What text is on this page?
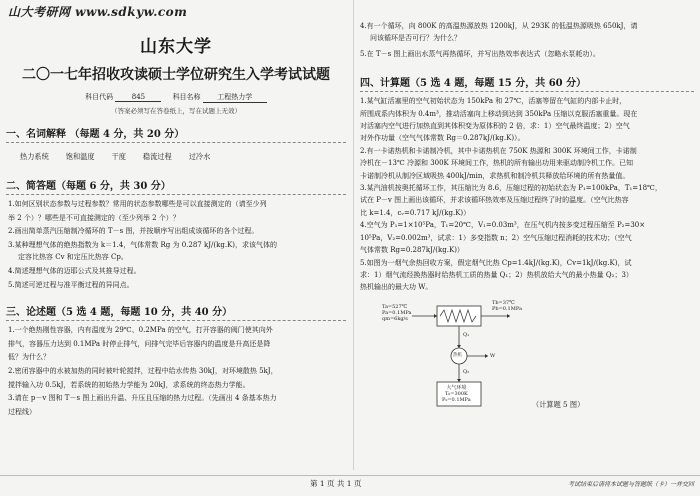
山大考研网 www.sdkyw.com
山东大学
二〇一七年招收攻读硕士学位研究生入学考试试题
科目代码	845	科目名称 工程热力学
（答案必须写在答卷纸上，写在试题上无效）
一、名词解释 （每题 4 分，共 20 分）
热力系统 饱和温度 干度 稳流过程 过冷水
二、简答题（每题 6 分，共 30 分）
1.如何区别状态参数与过程参数？常用的状态参数哪些是可以直接测定的（请至少列
举 2 个）？哪些是不可直接测定的（至少列举 2 个）？
2.画出简单蒸汽压缩制冷循环的 T－s 图，并按顺序写出组成该循环的各个过程。
3.某种理想气体的绝热指数为 k＝1.4，气体常数 Rg 为 0.287 kJ/(kg.K)，求该气体的
定容比热容 Cv 和定压比热容 Cp。
4.简述理想气体的迈耶公式及其推导过程。
5.简述可逆过程与准平衡过程的异同点。
三、论述题（5 选 4 题，每题 10 分，共 40 分）
1.一个绝热刚性容器，内有温度为 29℃、0.2MPa 的空气，打开容器的阀门使其向外
排气，容器压力达到 0.1MPa 时停止排气，问排气完毕后容器内的温度是升高还是降
低？为什么？
2.密闭容器中的水被加热的同时被叶轮搅拌，过程中给水传热 30kJ，对环境散热 5kJ，
搅拌输入功 0.5kJ，若系统的初始热力学能为 20kJ，求系统的终态热力学能。
3.请在 p－v 图和 T－s 图上画出升温、升压且压缩的热力过程。（先画出 4 条基本热力
过程线）
4.有一个循环，向 800K 的高温热源放热 1200kJ，从 293K 的低温热源吸热 650kJ，请
问该循环是否可行？为什么？
5.在 T－s 图上画出水蒸气再热循环，并写出热效率表达式（忽略水泵耗功）。
四、计算题（5 选 4 题，每题 15 分，共 60 分）
1.某气缸活塞里的空气初始状态为 150kPa 和 27℃，活塞等留在气缸的内部卡止时，
所围成系内体积为 0.4m³，推动活塞向上移动到达到 350kPa 压缩以克服活塞重量。现在
对活塞内空气进行加热直到其体积变为原体积的 2 倍，求：1）空气最终温度；2）空气
对外作功量（空气气体常数 Rg＝0.287kJ/(kg.K)）。
2.有一卡诺热机和卡诺制冷机，其中卡诺热机在 750K 热源和 300K 环境间工作，卡诺制
冷机在－13℃ 冷源和 300K 环境间工作，热机的所有输出功用来驱动制冷机工作。已知
卡诺制冷机从制冷区域吸热 400kJ/min，求热机和制冷机共释放给环境的所有热量值。
3.某汽油机按奥托循环工作，其压缩比为 8.6，压缩过程的初始状态为 P₁=100kPa，T₁=18℃，
试在 P－v 图上画出该循环，并求该循环热效率及压缩过程终了时的温度。（空气比热容
比 k=1.4，cᵥ=0.717 kJ/(kg.K)）
4.空气为 P₁=1×10⁵Pa，T₁=20℃，V₁=0.03m³，在压气机内按多变过程压缩至 P₂=30×
10⁵Pa，V₂=0.002m³，试求：1）多变指数 n；2）空气压缩过程消耗的技术功；（空气
气体常数 Rg=0.287kJ/(kg.K)）
5.如图为一烟气余热回收方案，假定烟气比热 Cp=1.4kJ/(kg.K)，Cv=1kJ/(kg.K)，试
求：1）烟气流经换热器时给热机工质的热量 Q₁；2）热机放给大气的最小热量 Q₂；3）
热机输出的最大功 W。
Ta=527℃
Pa=0.1MPa
qm=6kg/s
Tb=37℃
Pb=0.1MPa
Q₁
热机	W
Q₂
大气环境
T₀=300K
P₀=0.1MPa	（计算题 5 图）
第 1 页 共 1 页	考试结束后请将本试题与答题纸（卡）一并交回
